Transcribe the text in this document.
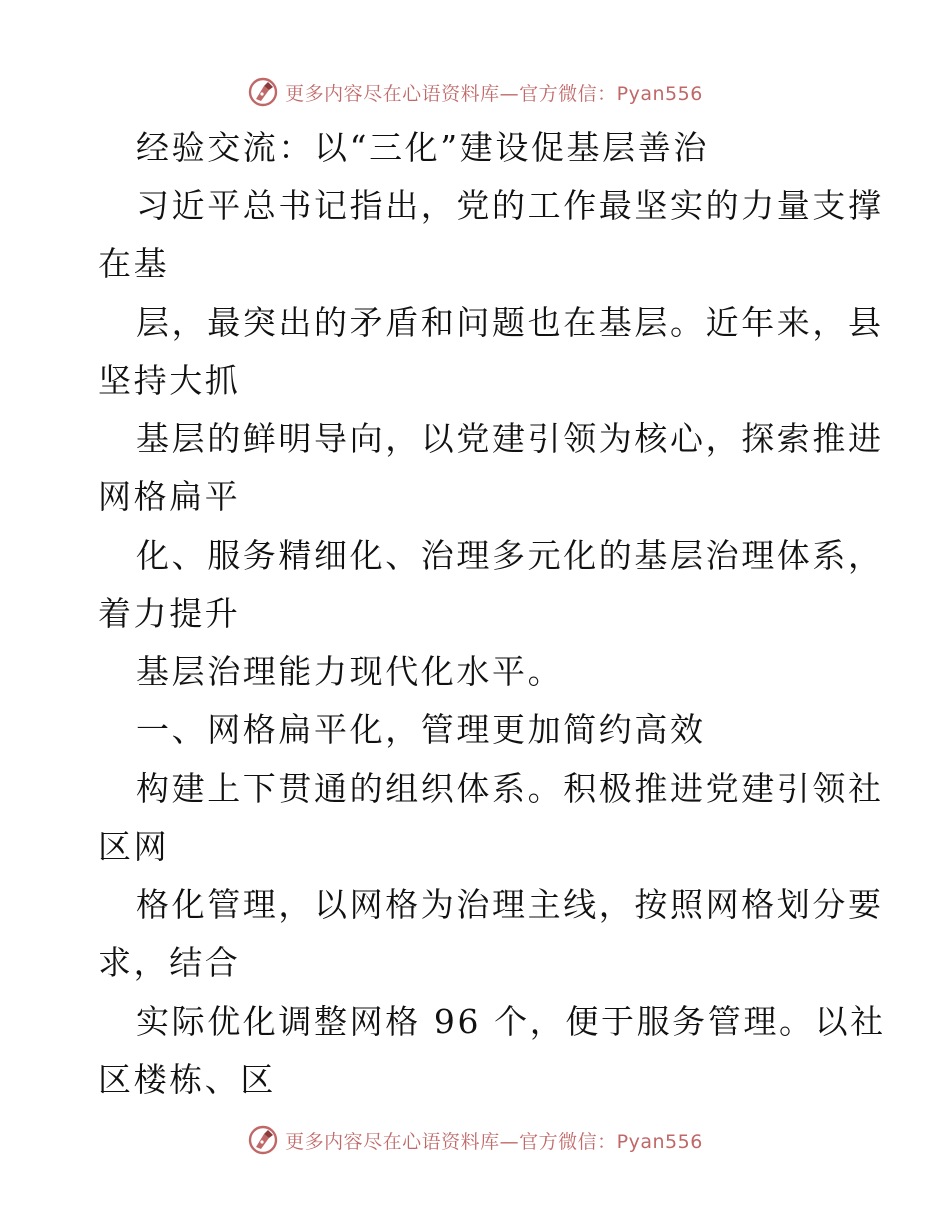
更多内容尽在心语资料库—官方微信：Pyan556
经验交流：以“三化”建设促基层善治
习近平总书记指出，党的工作最坚实的力量支撑
在基
层，最突出的矛盾和问题也在基层。近年来，县
坚持大抓
基层的鲜明导向，以党建引领为核心，探索推进
网格扁平
化、服务精细化、治理多元化的基层治理体系，
着力提升
基层治理能力现代化水平。
一、网格扁平化，管理更加简约高效
构建上下贯通的组织体系。积极推进党建引领社
区网
格化管理，以网格为治理主线，按照网格划分要
求，结合
实际优化调整网格 96 个，便于服务管理。以社
区楼栋、区
更多内容尽在心语资料库—官方微信：Pyan556
